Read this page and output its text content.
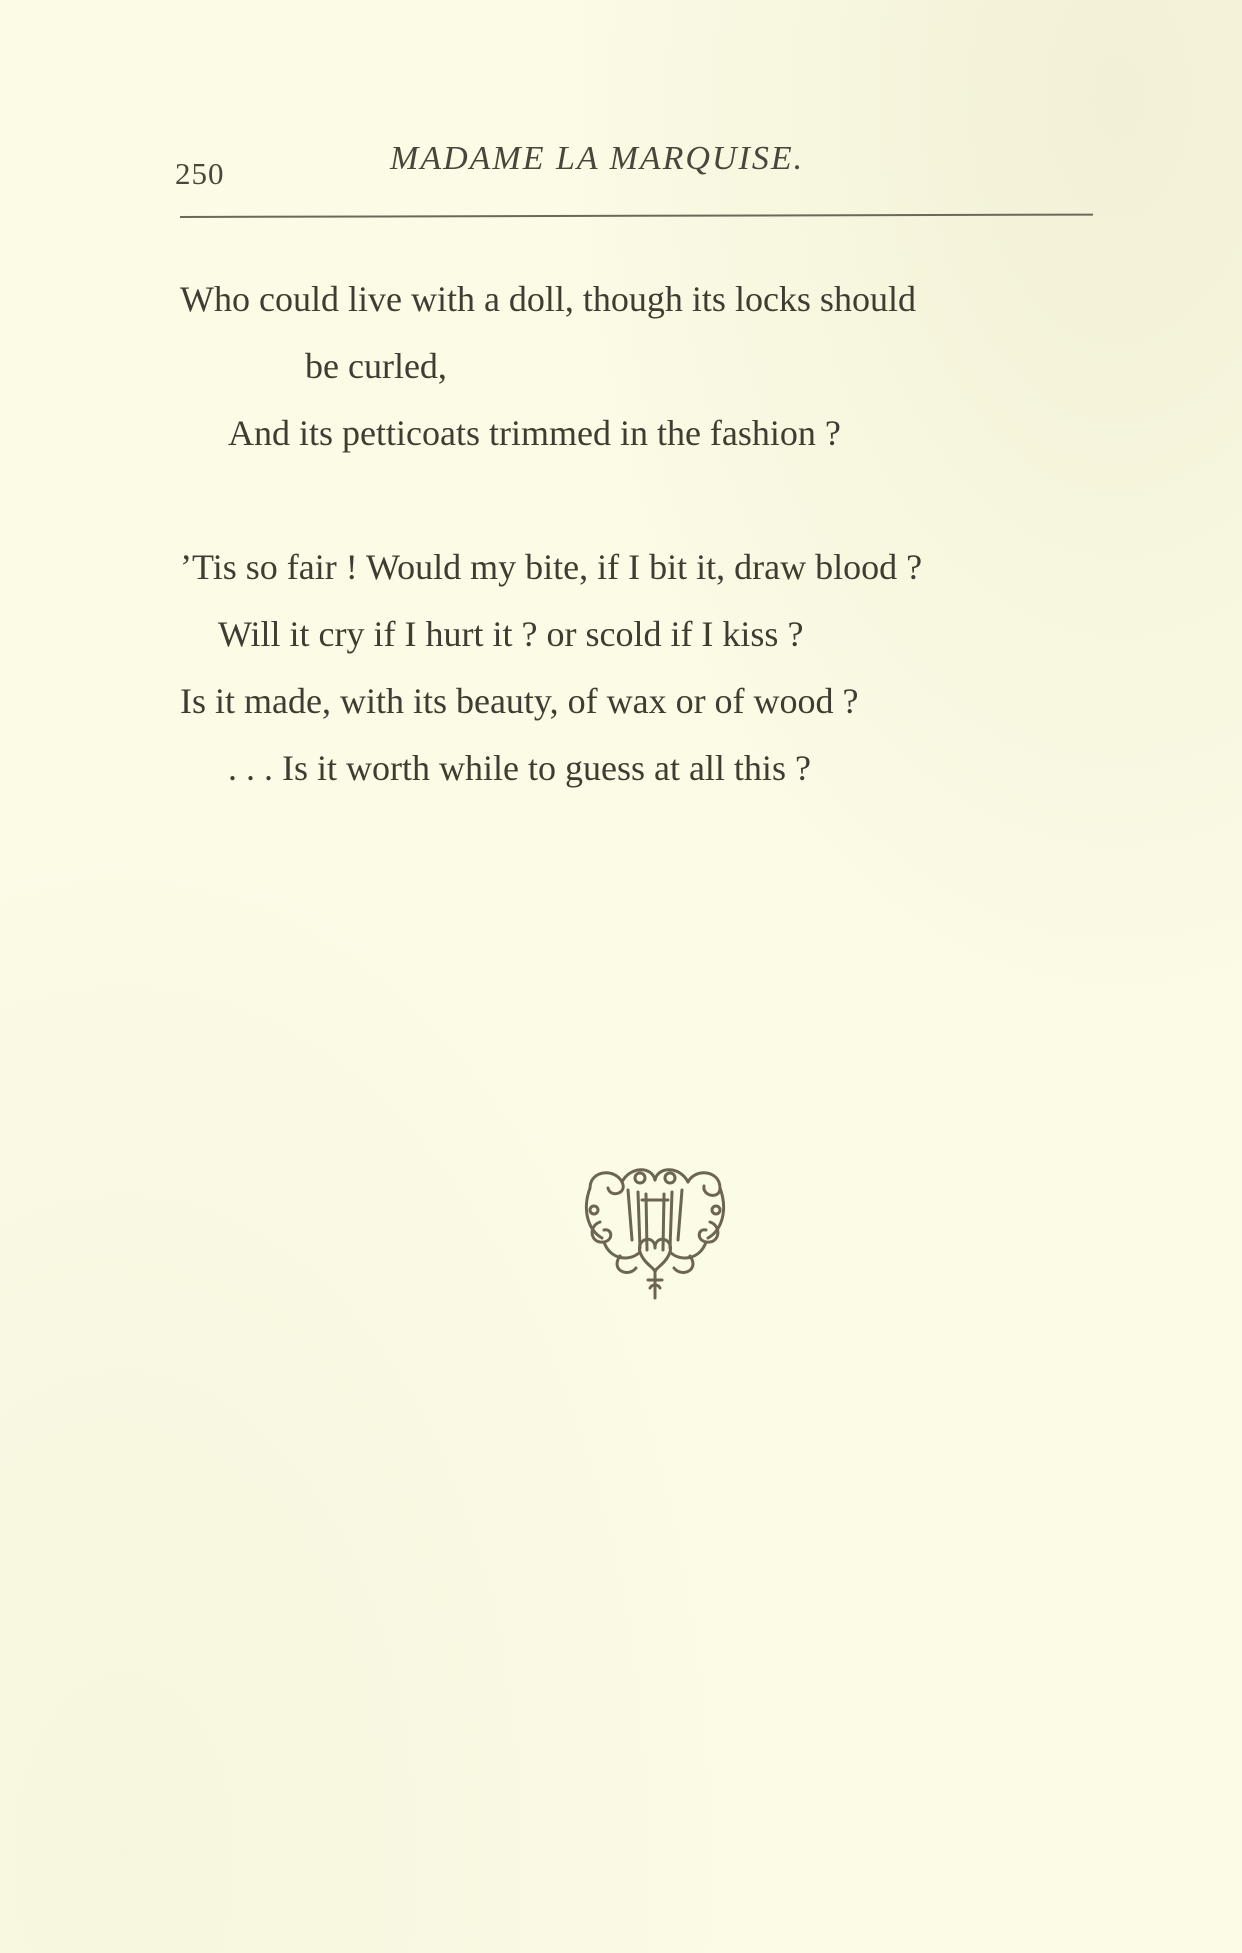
250	MADAME LA MARQUISE.
Who could live with a doll, though its locks should
be curled,
And its petticoats trimmed in the fashion ?
’Tis so fair ! Would my bite, if I bit it, draw blood ?
Will it cry if I hurt it ? or scold if I kiss ?
Is it made, with its beauty, of wax or of wood ?
. . . Is it worth while to guess at all this ?
